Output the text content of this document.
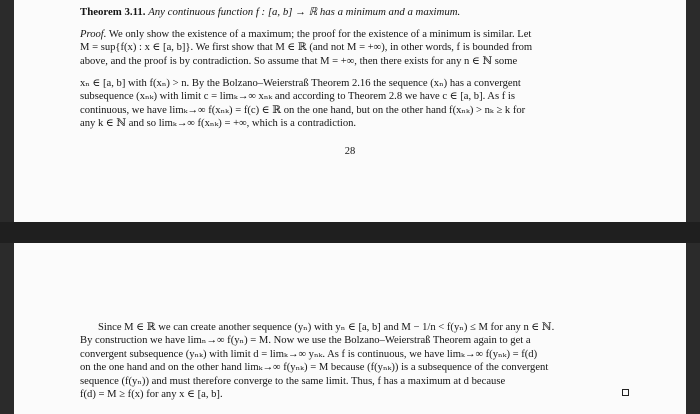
Theorem 3.11. Any continuous function f : [a, b] → ℝ has a minimum and a maximum.
Proof. We only show the existence of a maximum; the proof for the existence of a minimum is similar. Let
M = sup{f(x) : x ∈ [a, b]}. We first show that M ∈ ℝ (and not M = +∞), in other words, f is bounded from
above, and the proof is by contradiction. So assume that M = +∞, then there exists for any n ∈ ℕ some
xₙ ∈ [a, b] with f(xₙ) > n. By the Bolzano–Weierstraß Theorem 2.16 the sequence (xₙ) has a convergent
subsequence (xₙₖ) with limit c = limₖ→∞ xₙₖ and according to Theorem 2.8 we have c ∈ [a, b]. As f is
continuous, we have limₖ→∞ f(xₙₖ) = f(c) ∈ ℝ on the one hand, but on the other hand f(xₙₖ) > nₖ ≥ k for
any k ∈ ℕ and so limₖ→∞ f(xₙₖ) = +∞, which is a contradiction.
28
Since M ∈ ℝ we can create another sequence (yₙ) with yₙ ∈ [a, b] and M − 1/n < f(yₙ) ≤ M for any n ∈ ℕ.
By construction we have limₙ→∞ f(yₙ) = M. Now we use the Bolzano–Weierstraß Theorem again to get a
convergent subsequence (yₙₖ) with limit d = limₖ→∞ yₙₖ. As f is continuous, we have limₖ→∞ f(yₙₖ) = f(d)
on the one hand and on the other hand limₖ→∞ f(yₙₖ) = M because (f(yₙₖ)) is a subsequence of the convergent
sequence (f(yₙ)) and must therefore converge to the same limit. Thus, f has a maximum at d because
f(d) = M ≥ f(x) for any x ∈ [a, b].
